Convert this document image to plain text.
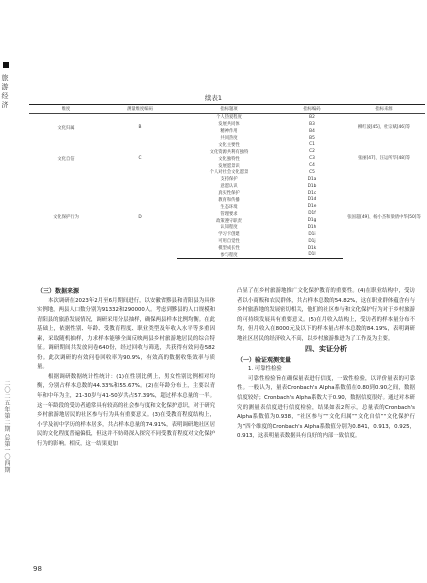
旅游经济
二〇二五年第二期 总第一〇四期
98
续表1
维度	测量维度编码	指标题项	指标编码	指标来源
文化归属	B	个人热爱程度	B2	柳红波[45]、杜宗斌[46]等
		发展共同体	B3	
		精神作用	B4	
		共同热度	B5	
文化自信	C	文化主要性	C1	张丽[47]、汪运所毕[48]等
		文化资源共利有独特	C2	
		文化独特性	C3	
		发展愿景识	C4	
		个人对社会文化愿景	C5	
文化保护行为	D	支持保护	D1a	张国超[49]、杨小杰和梁倩中华[50]等
		意愿认识	D1b	
		真实性保护	D1c	
		教育和传播	D1d	
		生态环境	D1e	
		管理要求	D1f	
		政策遵守职责	D1g	
		认知程度	D1h	
		学习卡创建	D1i	
		可用自觉性	D1j	
		模型成长性	D1k	
		参与程度	D1l	
（三）数据来源

本次调研在2023年2月至6月期间进行，以安徽省黟县和青阳县为具体实例地，两县人口数分别为91332和290000人。考虑到黟县的人口规模和青阳县的旅游发展情况，调研采用分层抽样，确保两县样本比例均衡。在此基础上，依据性别、年龄、受教育程度、职业类型及年收入水平等多重因素，采取随机抽样，力求样本能够全面反映两县乡村旅游地居民的综合特征。调研期间共发放问卷640份，经过回收与筛选，共获得有效问卷582份。此次调研的有效问卷回收率为90.9%，有效高的数据收集效率与质量。

根据调研数据统计性统计：(1)在性别比例上，男女性别比例相对均衡，分别占样本总数的44.33%和55.67%。(2)在年龄分布上，主要以青年和中年为主，21-30岁与41-50岁共占57.39%，超过样本总量的一半。这一年龄段的受访者通常具有较高的社会参与度和文化保护意识，对于研究乡村旅游地居民的社区参与行为具有重要意义。(3)在受教育程度结构上，小学及初中学历的样本居多，共占样本总量的74.91%，表明调研地社区居民的文化程度普遍偏低，但这并不妨碍深入探究不同受教育程度对文化保护行为的影响。相反，这一结果更加

凸显了在乡村旅游地推广文化保护教育的重要性。(4)在职业结构中，受访者以小商贩和农民群体，共占样本总数的54.82%，这在职业群体蕴含有与乡村旅游地的发展密切相关，他们的社区参与和文化保护行为对于乡村旅游的可持续发展具有重要意义。(5)在月收入结构上，受访者的样本量分布不均，但月收入在8000元及以下的样本量占样本总数的84.19%，表明调研地社区居民的经济收入不高，以乡村旅游推进为了工作及为主要。

四、实证分析
（一）验证观测变量
1. 可靠性检验

可靠性检验旨在确保量表进行信度，一致性检验，以评价量表的可靠性。一般认为，量表Cronbach's Alpha系数值在0.80到0.90之间，数据信度较好；Cronbach's Alpha系数大于0.90，数据信度很好。通过对本研究的测量表信度进行信度检验，结果如表2所示，总量表的Cronbach's Alpha系数值为0.938，“社区参与”“文化归属”“文化自信”“文化保护行为”四个维度的Cronbach's Alpha系数值分别为0.841，0.913，0.925，0.913，这表明量表数据具有良好的内部一致信度。
